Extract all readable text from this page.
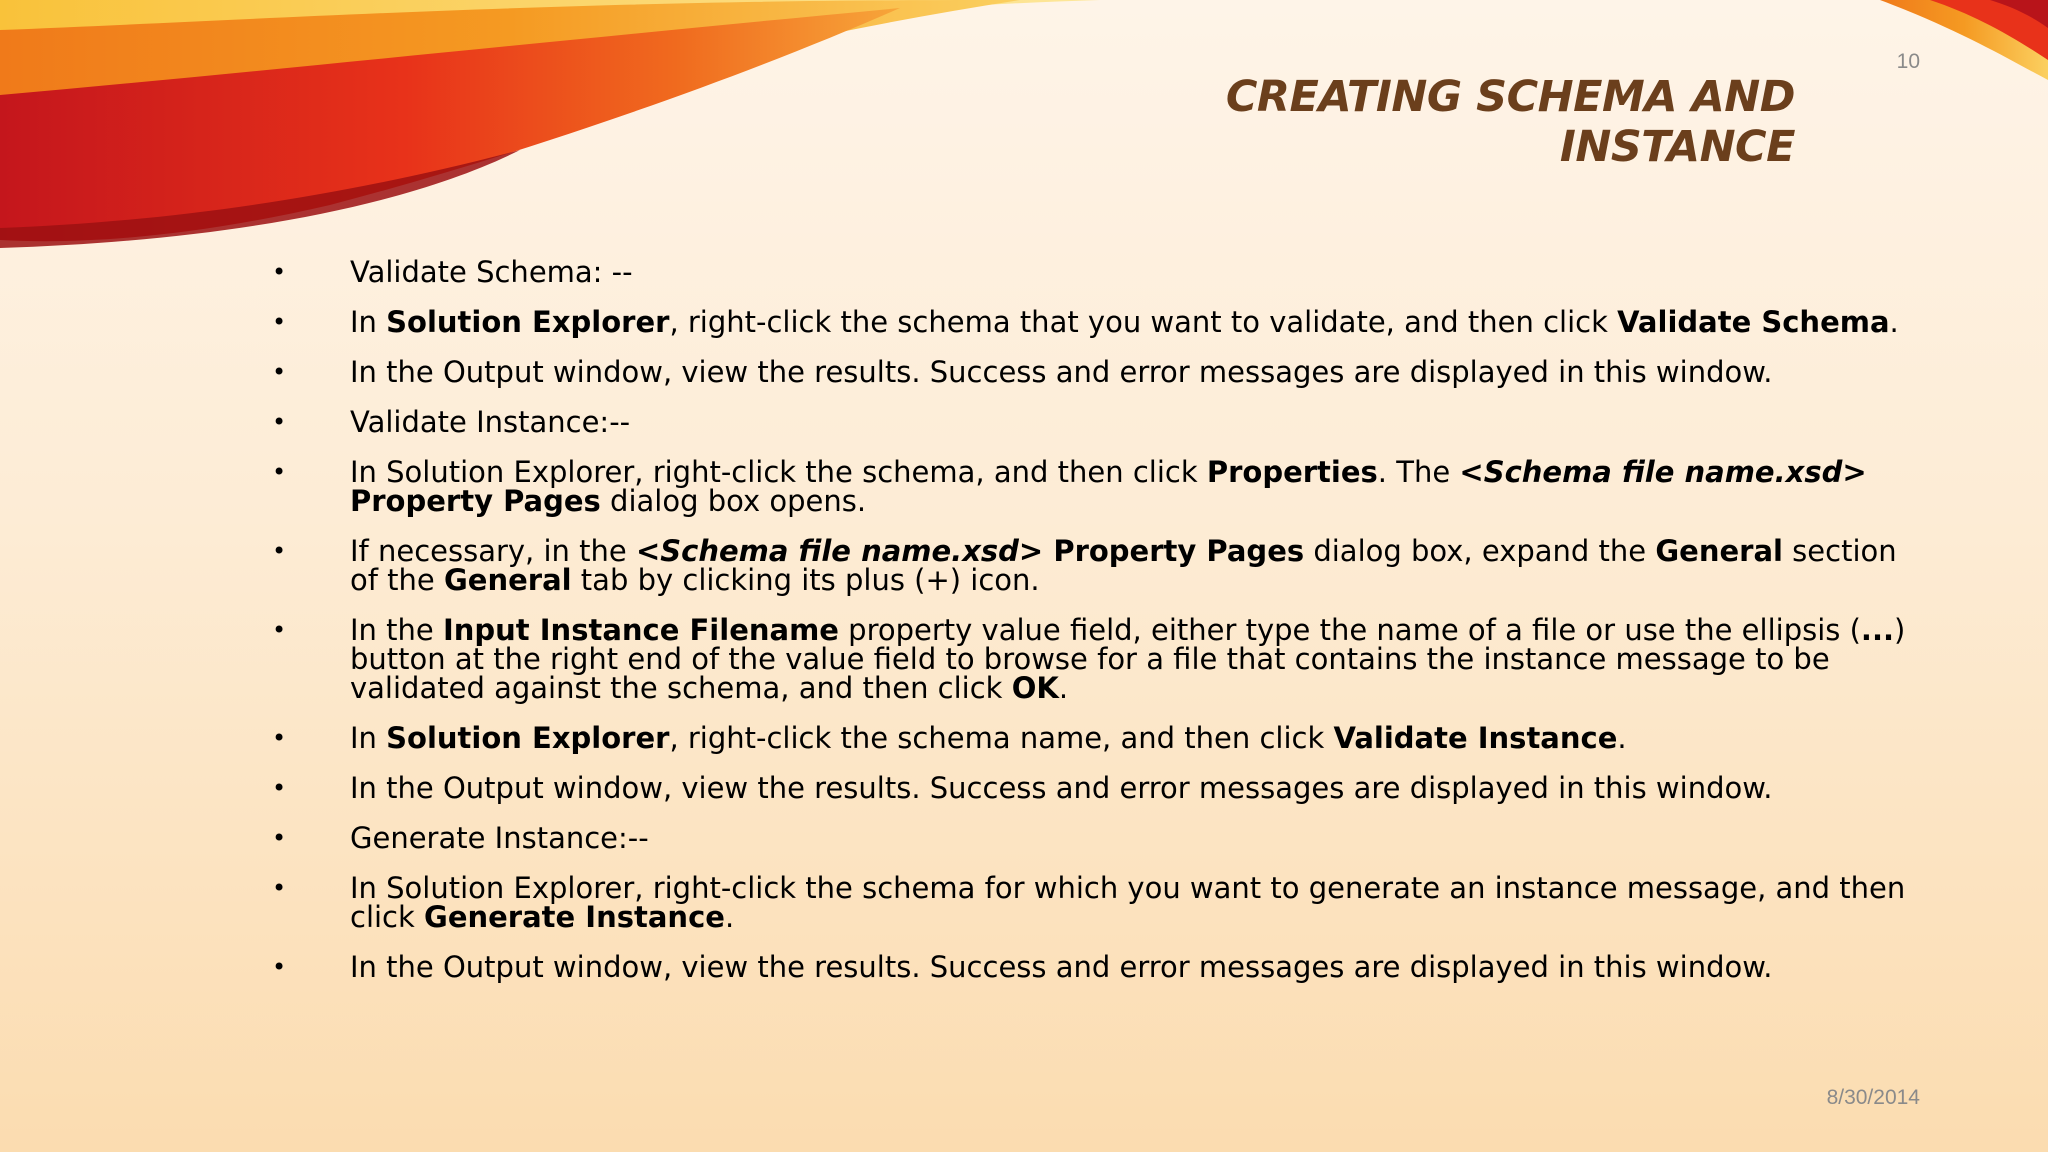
10
CREATING SCHEMA AND INSTANCE
• Validate Schema: --
• In Solution Explorer, right-click the schema that you want to validate, and then click Validate Schema.
• In the Output window, view the results. Success and error messages are displayed in this window.
• Validate Instance:--
• In Solution Explorer, right-click the schema, and then click Properties. The <Schema file name.xsd> Property Pages dialog box opens.
• If necessary, in the <Schema file name.xsd> Property Pages dialog box, expand the General section of the General tab by clicking its plus (+) icon.
• In the Input Instance Filename property value field, either type the name of a file or use the ellipsis (...) button at the right end of the value field to browse for a file that contains the instance message to be validated against the schema, and then click OK.
• In Solution Explorer, right-click the schema name, and then click Validate Instance.
• In the Output window, view the results. Success and error messages are displayed in this window.
• Generate Instance:--
• In Solution Explorer, right-click the schema for which you want to generate an instance message, and then click Generate Instance.
• In the Output window, view the results. Success and error messages are displayed in this window.
8/30/2014
